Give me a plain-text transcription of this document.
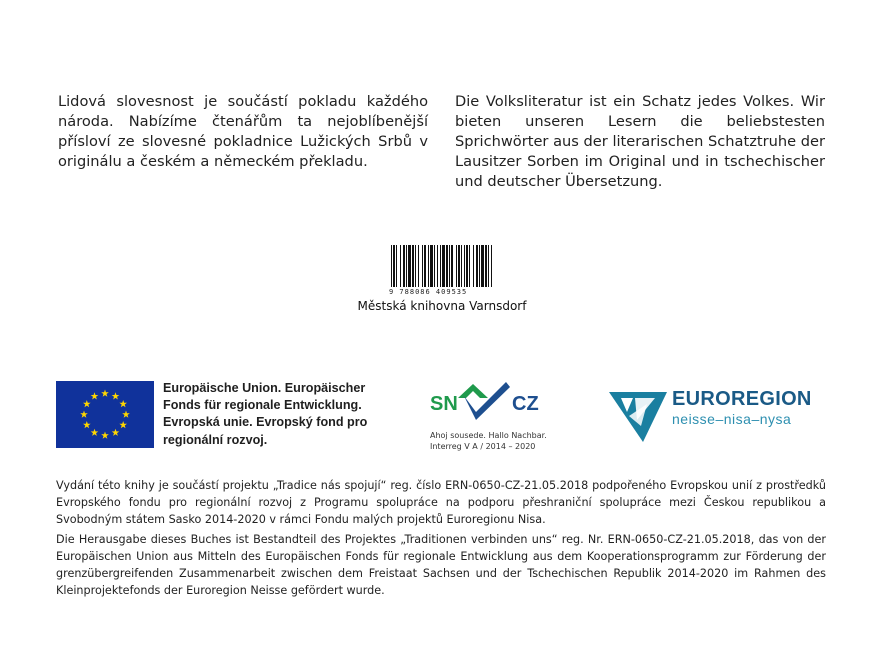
Lidová slovesnost je součástí pokladu každého národa. Nabízíme čtenářům ta nejoblíbenější přísloví ze slovesné pokladnice Lužických Srbů v originálu a českém a německém překladu.

Die Volksliteratur ist ein Schatz jedes Volkes. Wir bieten unseren Lesern die beliebstesten Sprichwörter aus der literarischen Schatztruhe der Lausitzer Sorben im Original und in tschechischer und deutscher Übersetzung.

9 788086 409535
Městská knihovna Varnsdorf
Europäische Union. Europäischer
Fonds für regionale Entwicklung.
Evropská unie. Evropský fond pro
regionální rozvoj.
SN	CZ
Ahoj sousede. Hallo Nachbar.
Interreg V A / 2014 – 2020
EUROREGION
neisse–nisa–nysa

Vydání této knihy je součástí projektu „Tradice nás spojují“ reg. číslo ERN-0650-CZ-21.05.2018 podpořeného Evropskou unií z prostředků Evropského fondu pro regionální rozvoj z Programu spolupráce na podporu přeshraniční spolupráce mezi Českou republikou a Svobodným státem Sasko 2014-2020 v rámci Fondu malých projektů Euroregionu Nisa.

Die Herausgabe dieses Buches ist Bestandteil des Projektes „Traditionen verbinden uns“ reg. Nr. ERN-0650-CZ-21.05.2018, das von der Europäischen Union aus Mitteln des Europäischen Fonds für regionale Entwicklung aus dem Kooperationsprogramm zur Förderung der grenzübergreifenden Zusammenarbeit zwischen dem Freistaat Sachsen und der Tschechischen Republik 2014-2020 im Rahmen des Kleinprojektefonds der Euroregion Neisse gefördert wurde.
